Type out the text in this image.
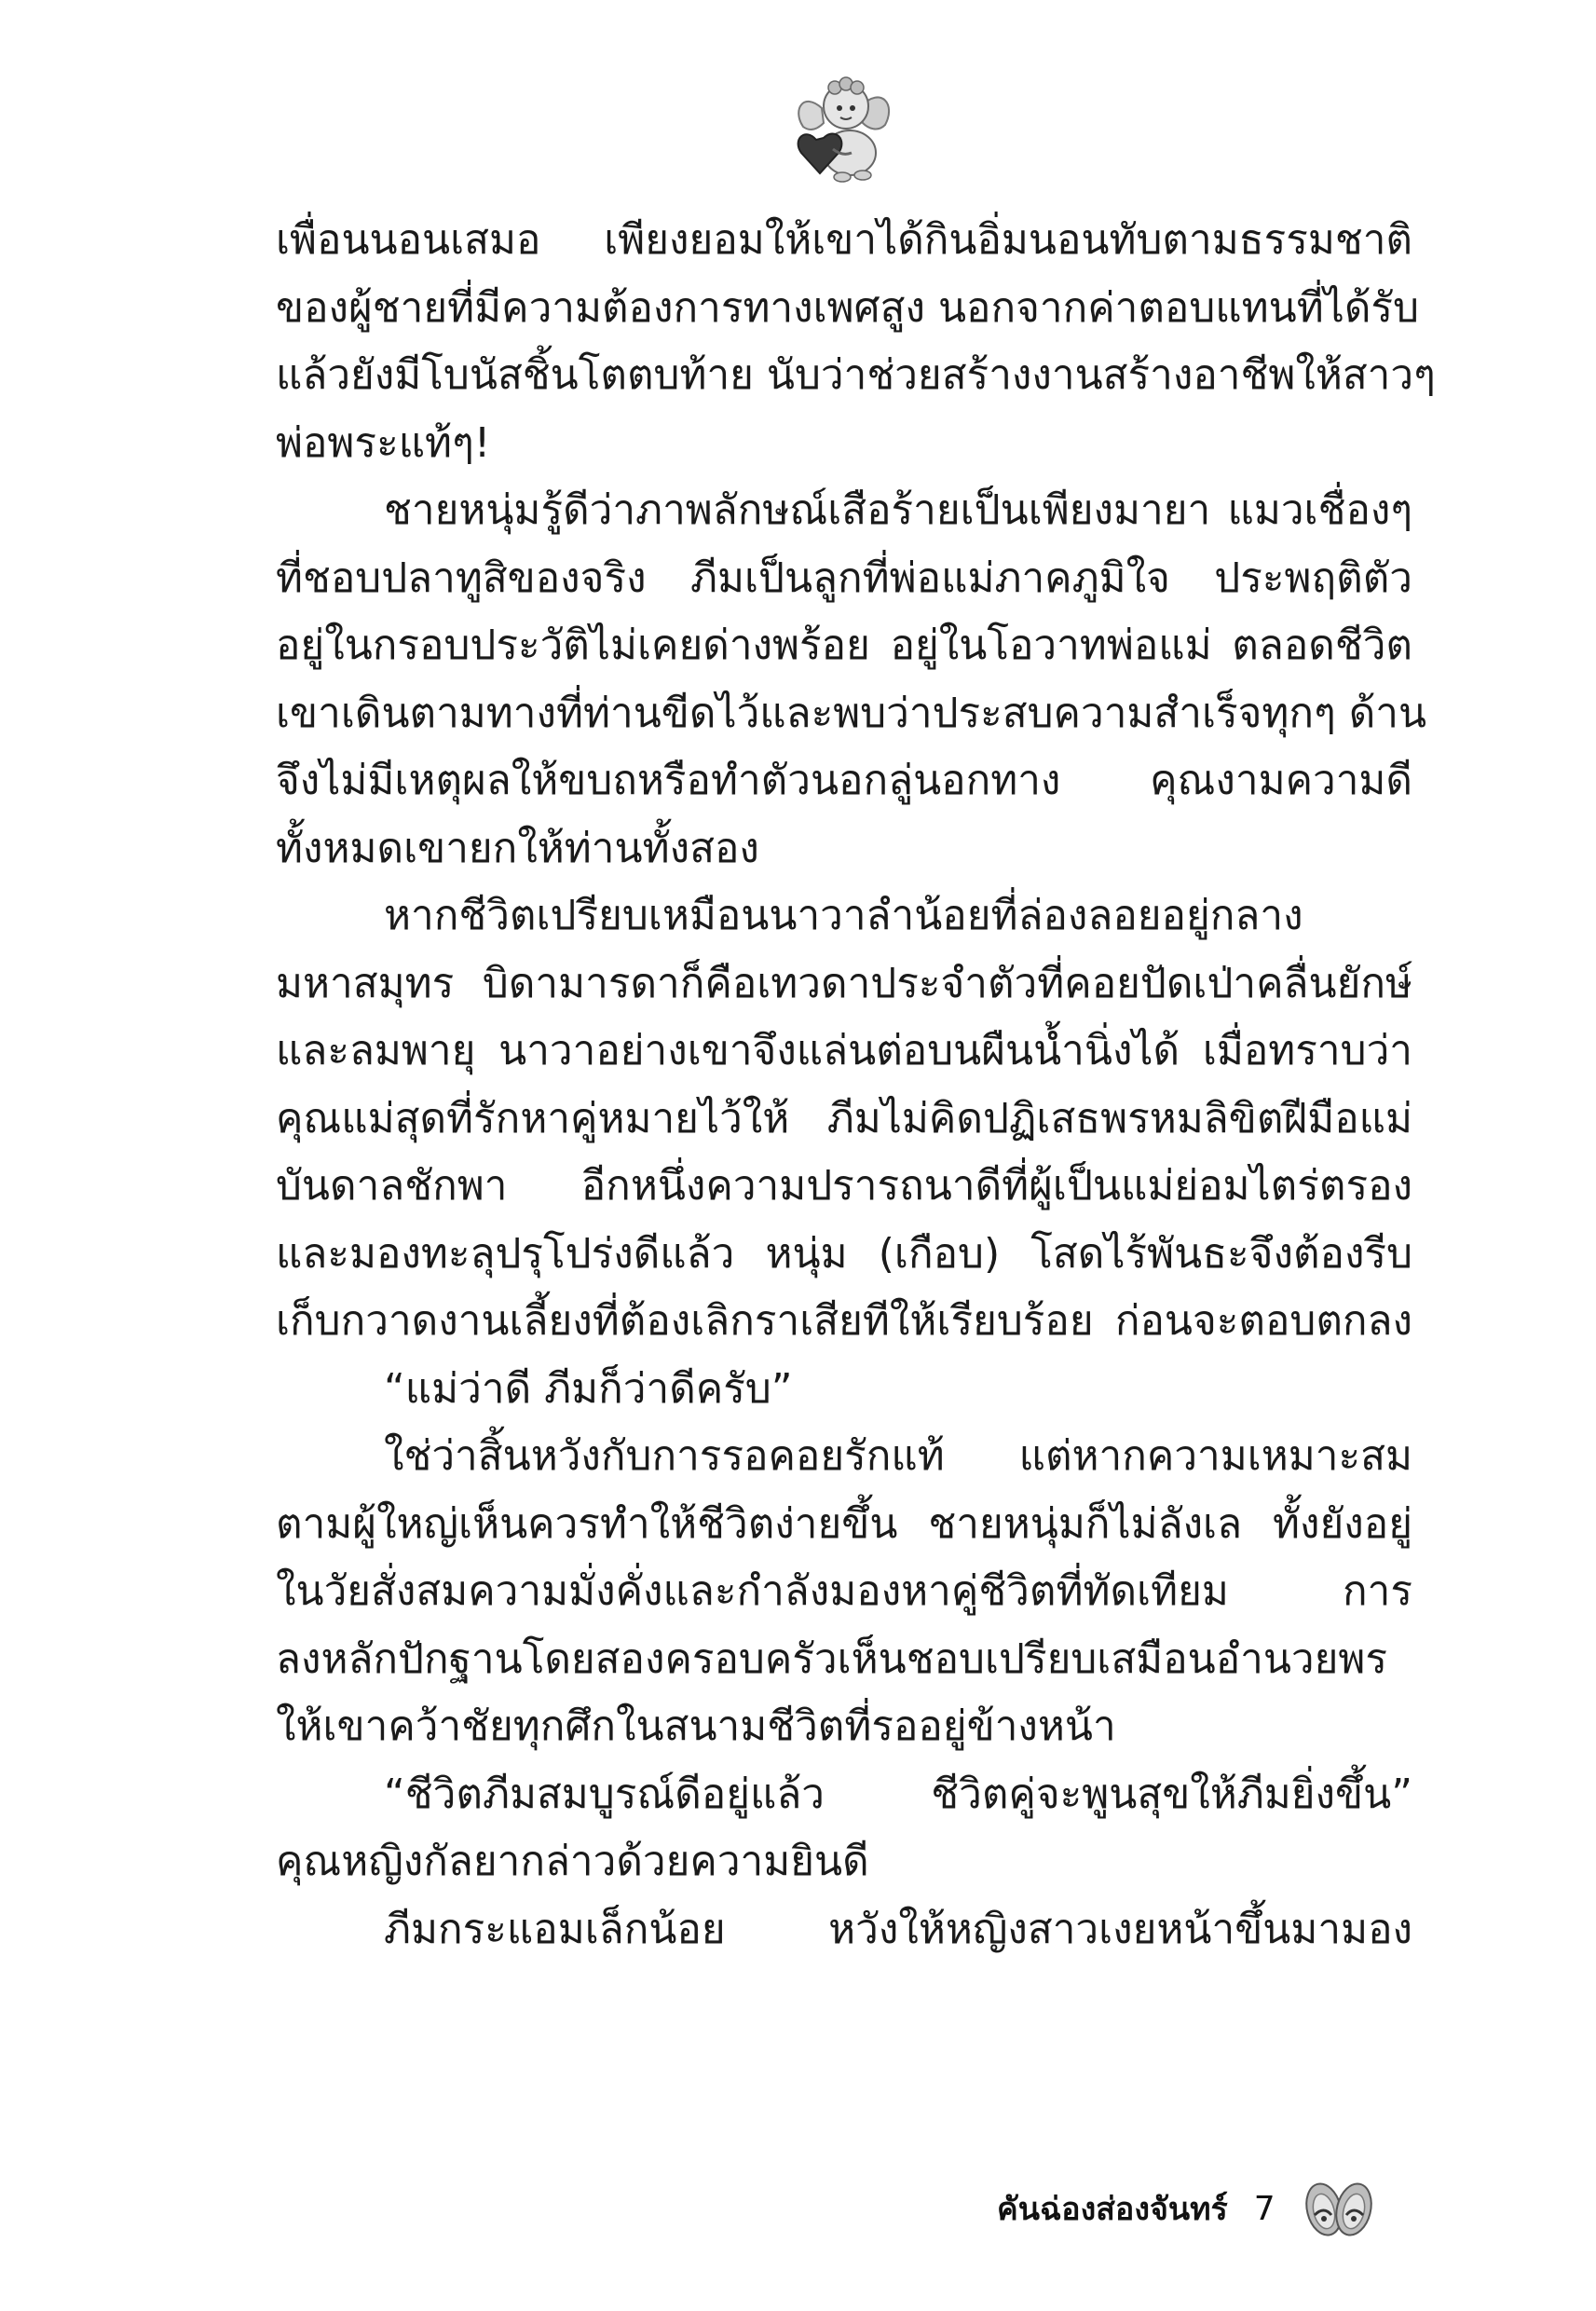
เพื่อนนอนเสมอ เพียงยอมให้เขาได้กินอิ่มนอนทับตามธรรมชาติ
ของผู้ชายที่มีความต้องการทางเพศสูง นอกจากค่าตอบแทนที่ได้รับ
แล้วยังมีโบนัสชิ้นโตตบท้าย นับว่าช่วยสร้างงานสร้างอาชีพให้สาวๆ
พ่อพระแท้ๆ!
ชายหนุ่มรู้ดีว่าภาพลักษณ์เสือร้ายเป็นเพียงมายา แมวเชื่องๆ
ที่ชอบปลาทูสิของจริง ภีมเป็นลูกที่พ่อแม่ภาคภูมิใจ ประพฤติตัว
อยู่ในกรอบประวัติไม่เคยด่างพร้อย อยู่ในโอวาทพ่อแม่ ตลอดชีวิต
เขาเดินตามทางที่ท่านขีดไว้และพบว่าประสบความสำเร็จทุกๆ ด้าน
จึงไม่มีเหตุผลให้ขบถหรือทำตัวนอกลู่นอกทาง คุณงามความดี
ทั้งหมดเขายกให้ท่านทั้งสอง
หากชีวิตเปรียบเหมือนนาวาลำน้อยที่ล่องลอยอยู่กลาง
มหาสมุทร บิดามารดาก็คือเทวดาประจำตัวที่คอยปัดเป่าคลื่นยักษ์
และลมพายุ นาวาอย่างเขาจึงแล่นต่อบนผืนน้ำนิ่งได้ เมื่อทราบว่า
คุณแม่สุดที่รักหาคู่หมายไว้ให้ ภีมไม่คิดปฏิเสธพรหมลิขิตฝีมือแม่
บันดาลชักพา อีกหนึ่งความปรารถนาดีที่ผู้เป็นแม่ย่อมไตร่ตรอง
และมองทะลุปรุโปร่งดีแล้ว หนุ่ม (เกือบ) โสดไร้พันธะจึงต้องรีบ
เก็บกวาดงานเลี้ยงที่ต้องเลิกราเสียทีให้เรียบร้อย ก่อนจะตอบตกลง
“แม่ว่าดี ภีมก็ว่าดีครับ”
ใช่ว่าสิ้นหวังกับการรอคอยรักแท้ แต่หากความเหมาะสม
ตามผู้ใหญ่เห็นควรทำให้ชีวิตง่ายขึ้น ชายหนุ่มก็ไม่ลังเล ทั้งยังอยู่
ในวัยสั่งสมความมั่งคั่งและกำลังมองหาคู่ชีวิตที่ทัดเทียม การ
ลงหลักปักฐานโดยสองครอบครัวเห็นชอบเปรียบเสมือนอำนวยพร
ให้เขาคว้าชัยทุกศึกในสนามชีวิตที่รออยู่ข้างหน้า
“ชีวิตภีมสมบูรณ์ดีอยู่แล้ว ชีวิตคู่จะพูนสุขให้ภีมยิ่งขึ้น”
คุณหญิงกัลยากล่าวด้วยความยินดี
ภีมกระแอมเล็กน้อย หวังให้หญิงสาวเงยหน้าขึ้นมามอง
คันฉ่องส่องจันทร์ 7
